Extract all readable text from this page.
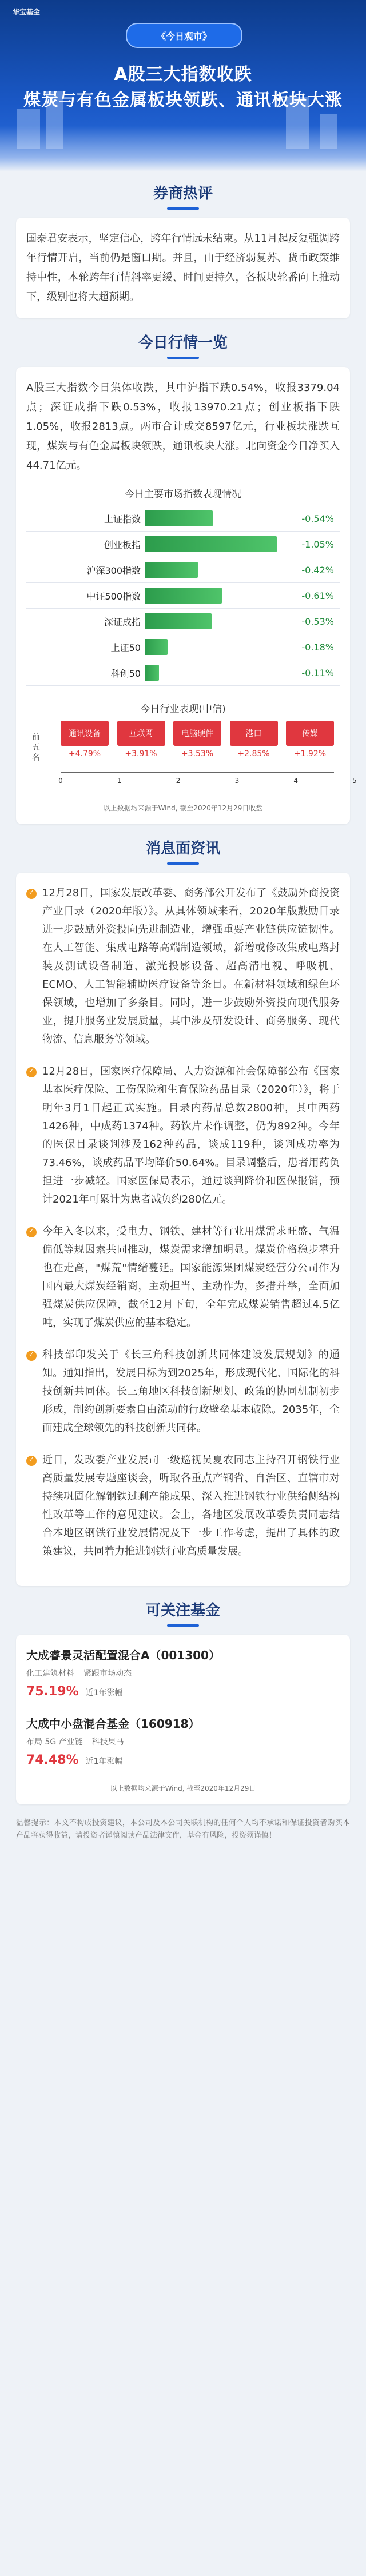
华宝基金
《今日观市》
A股三大指数收跌
煤炭与有色金属板块领跌、通讯板块大涨
券商热评
国泰君安表示，坚定信心，跨年行情远未结束。从11月起反复强调跨年行情开启，当前仍是窗口期。并且，由于经济弱复苏、货币政策维持中性，本轮跨年行情斜率更缓、时间更持久，各板块轮番向上推动下，级别也将大超预期。
今日行情一览
A股三大指数今日集体收跌，其中沪指下跌0.54%，收报3379.04点；深证成指下跌0.53%，收报13970.21点；创业板指下跌1.05%，收报2813点。两市合计成交8597亿元，行业板块涨跌互现，煤炭与有色金属板块领跌，通讯板块大涨。北向资金今日净买入44.71亿元。
今日主要市场指数表现情况
上证指数	-0.54%
创业板指	-1.05%
沪深300指数	-0.42%
中证500指数	-0.61%
深证成指	-0.53%
上证50	-0.18%
科创50	-0.11%
今日行业表现(中信)
前五名
通讯设备
+4.79%
互联网
+3.91%
电脑硬件
+3.53%
港口
+2.85%
传媒
+1.92%
0	1	2	3	4	5
以上数据均来源于Wind, 截至2020年12月29日收盘
消息面资讯
✓
12月28日，国家发展改革委、商务部公开发布了《鼓励外商投资产业目录（2020年版）》。从具体领域来看，2020年版鼓励目录进一步鼓励外资投向先进制造业，增强重要产业链供应链韧性。在人工智能、集成电路等高端制造领域，新增或修改集成电路封装及测试设备制造、激光投影设备、超高清电视、呼吸机、ECMO、人工智能辅助医疗设备等条目。在新材料领域和绿色环保领域，也增加了多条目。同时，进一步鼓励外资投向现代服务业，提升服务业发展质量，其中涉及研发设计、商务服务、现代物流、信息服务等领域。
✓
12月28日，国家医疗保障局、人力资源和社会保障部公布《国家基本医疗保险、工伤保险和生育保险药品目录（2020年）》，将于明年3月1日起正式实施。目录内药品总数2800种，其中西药1426种，中成药1374种。药饮片未作调整，仍为892种。今年的医保目录谈判涉及162种药品，谈成119种，谈判成功率为73.46%，谈成药品平均降价50.64%。目录调整后，患者用药负担进一步减轻。国家医保局表示，通过谈判降价和医保报销，预计2021年可累计为患者减负约280亿元。
✓
今年入冬以来，受电力、钢铁、建材等行业用煤需求旺盛、气温偏低等规因素共同推动，煤炭需求增加明显。煤炭价格稳步攀升也在走高，"煤荒"情绪蔓延。国家能源集团煤炭经营分公司作为国内最大煤炭经销商，主动担当、主动作为，多措并举，全面加强煤炭供应保障，截至12月下旬，全年完成煤炭销售超过4.5亿吨，实现了煤炭供应的基本稳定。
✓
科技部印发关于《长三角科技创新共同体建设发展规划》的通知。通知指出，发展目标为到2025年，形成现代化、国际化的科技创新共同体。长三角地区科技创新规划、政策的协同机制初步形成，制约创新要素自由流动的行政壁垒基本破除。2035年，全面建成全球领先的科技创新共同体。
✓
近日，发改委产业发展司一级巡视员夏农同志主持召开钢铁行业高质量发展专题座谈会，听取各重点产钢省、自治区、直辖市对持续巩固化解钢铁过剩产能成果、深入推进钢铁行业供给侧结构性改革等工作的意见建议。会上，各地区发展改革委负责同志结合本地区钢铁行业发展情况及下一步工作考虑，提出了具体的政策建议，共同着力推进钢铁行业高质量发展。
可关注基金
大成睿景灵活配置混合A（001300）
化工建筑材料 紧跟市场动态
75.19% 近1年涨幅
大成中小盘混合基金（160918）
布局 5G 产业链 科技果马
74.48% 近1年涨幅
以上数据均来源于Wind, 截至2020年12月29日
温馨提示：本文不构成投资建议，本公司及本公司关联机构的任何个人均不承诺和保证投资者购买本产品将获得收益，请投资者谨慎阅读产品法律文件，基金有风险，投资须谨慎！
